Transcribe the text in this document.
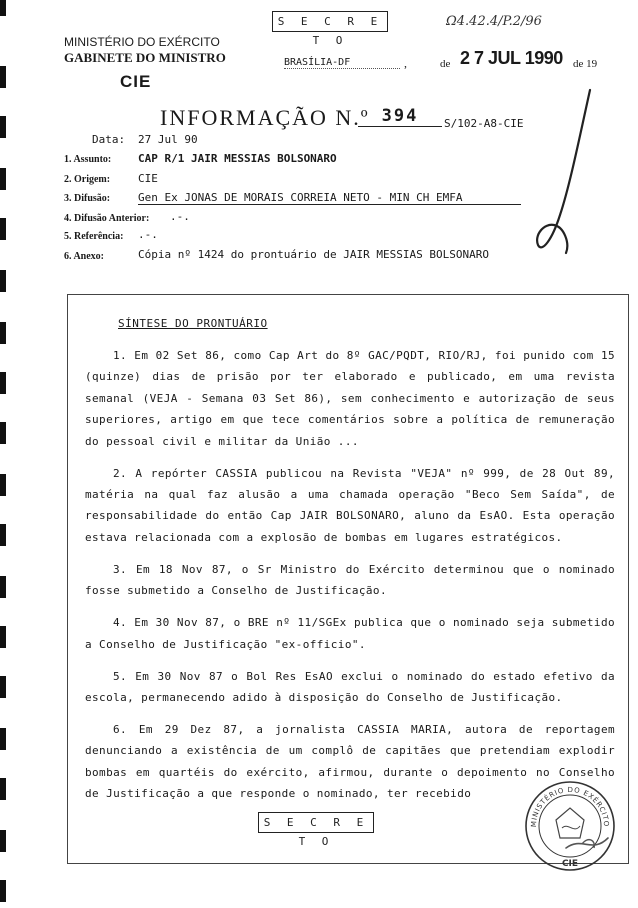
MINISTÉRIO DO EXÉRCITO
GABINETE DO MINISTRO
CIE
S E C R E T O
Ω4.42.4/P.2/96
BRASÍLIA-DF	,	de 2 7 JUL 1990 de 19
INFORMAÇÃO N.º 394	S/102-A8-CIE
Data: 27 Jul 90
1. Assunto: CAP R/1 JAIR MESSIAS BOLSONARO
2. Origem:	CIE
3. Difusão:	Gen Ex JONAS DE MORAIS CORREIA NETO - MIN CH EMFA
4. Difusão Anterior: .-.
5. Referência: .-.
6. Anexo:	Cópia nº 1424 do prontuário de JAIR MESSIAS BOLSONARO
SÍNTESE DO PRONTUÁRIO

1. Em 02 Set 86, como Cap Art do 8º GAC/PQDT, RIO/RJ, foi punido com 15 (quinze) dias de prisão por ter elaborado e publicado, em uma revista semanal (VEJA - Semana 03 Set 86), sem conhecimento e autorização de seus superiores, artigo em que tece comentários sobre a política de remuneração do pessoal civil e militar da União ...

2. A repórter CASSIA publicou na Revista "VEJA" nº 999, de 28 Out 89, matéria na qual faz alusão a uma chamada operação "Beco Sem Saída", de responsabilidade do então Cap JAIR BOLSONARO, aluno da EsAO. Esta operação estava relacionada com a explosão de bombas em lugares estratégicos.

3. Em 18 Nov 87, o Sr Ministro do Exército determinou que o nominado fosse submetido a Conselho de Justificação.

4. Em 30 Nov 87, o BRE nº 11/SGEx publica que o nominado seja submetido a Conselho de Justificação "ex-officio".

5. Em 30 Nov 87 o Bol Res EsAO exclui o nominado do estado efetivo da escola, permanecendo adido à disposição do Conselho de Justificação.

6. Em 29 Dez 87, a jornalista CASSIA MARIA, autora de reportagem denunciando a existência de um complô de capitães que pretendiam explodir bombas em quartéis do exército, afirmou, durante o depoimento no Conselho de Justificação a que responde o nominado, ter recebido

S E C R E T O
MINISTÉRIO DO EXÉRCITO
CIE
